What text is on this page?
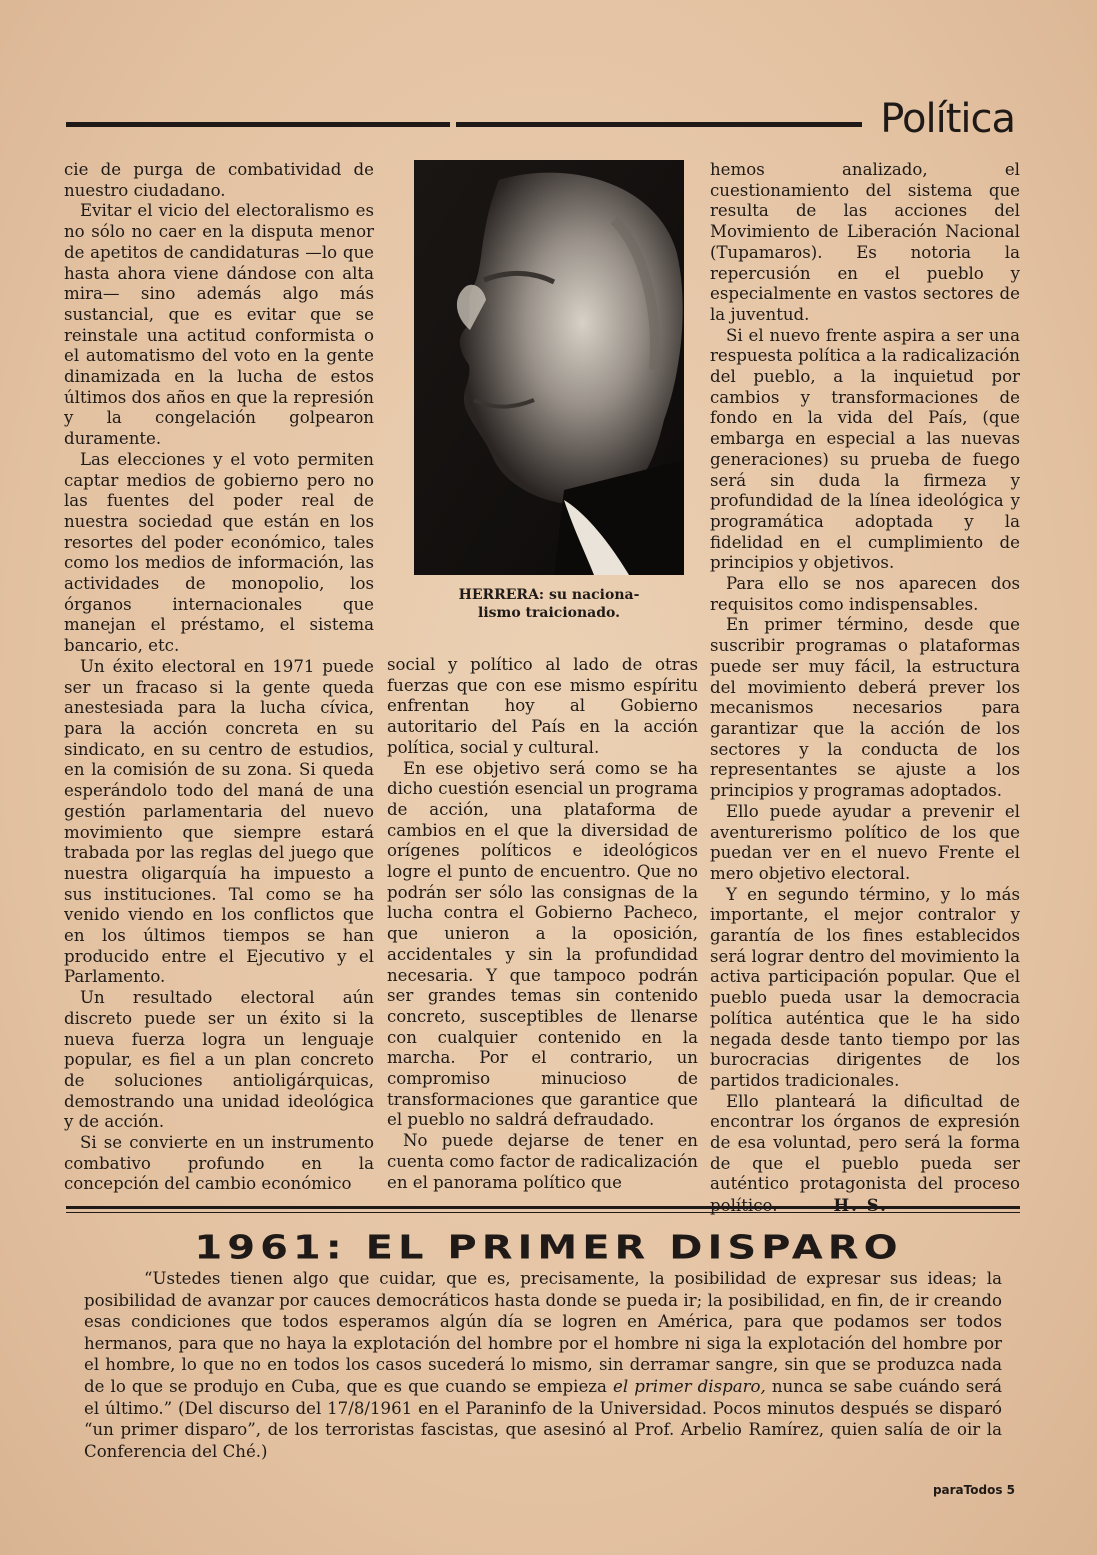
Política

cie de purga de combatividad de nuestro ciudadano.

Evitar el vicio del electoralismo es no sólo no caer en la disputa menor de apetitos de candidaturas —lo que hasta ahora viene dándose con alta mira— sino además algo más sustancial, que es evitar que se reinstale una actitud conformista o el automatismo del voto en la gente dinamizada en la lucha de estos últimos dos años en que la represión y la congelación golpearon duramente.

Las elecciones y el voto permiten captar medios de gobierno pero no las fuentes del poder real de nuestra sociedad que están en los resortes del poder económico, tales como los medios de información, las actividades de monopolio, los órganos internacionales que manejan el préstamo, el sistema bancario, etc.

Un éxito electoral en 1971 puede ser un fracaso si la gente queda anestesiada para la lucha cívica, para la acción concreta en su sindicato, en su centro de estudios, en la comisión de su zona. Si queda esperándolo todo del maná de una gestión parlamentaria del nuevo movimiento que siempre estará trabada por las reglas del juego que nuestra oligarquía ha impuesto a sus instituciones. Tal como se ha venido viendo en los conflictos que en los últimos tiempos se han producido entre el Ejecutivo y el Parlamento.

Un resultado electoral aún discreto puede ser un éxito si la nueva fuerza logra un lenguaje popular, es fiel a un plan concreto de soluciones antioligárquicas, demostrando una unidad ideológica y de acción.

Si se convierte en un instrumento combativo profundo en la concepción del cambio económico

HERRERA: su naciona-
lismo traicionado.

social y político al lado de otras fuerzas que con ese mismo espíritu enfrentan hoy al Gobierno autoritario del País en la acción política, social y cultural.

En ese objetivo será como se ha dicho cuestión esencial un programa de acción, una plataforma de cambios en el que la diversidad de orígenes políticos e ideológicos logre el punto de encuentro. Que no podrán ser sólo las consignas de la lucha contra el Gobierno Pacheco, que unieron a la oposición, accidentales y sin la profundidad necesaria. Y que tampoco podrán ser grandes temas sin contenido concreto, susceptibles de llenarse con cualquier contenido en la marcha. Por el contrario, un compromiso minucioso de transformaciones que garantice que el pueblo no saldrá defraudado.

No puede dejarse de tener en cuenta como factor de radicalización en el panorama político que

hemos analizado, el cuestionamiento del sistema que resulta de las acciones del Movimiento de Liberación Nacional (Tupamaros). Es notoria la repercusión en el pueblo y especialmente en vastos sectores de la juventud.

Si el nuevo frente aspira a ser una respuesta política a la radicalización del pueblo, a la inquietud por cambios y transformaciones de fondo en la vida del País, (que embarga en especial a las nuevas generaciones) su prueba de fuego será sin duda la firmeza y profundidad de la línea ideológica y programática adoptada y la fidelidad en el cumplimiento de principios y objetivos.

Para ello se nos aparecen dos requisitos como indispensables.

En primer término, desde que suscribir programas o plataformas puede ser muy fácil, la estructura del movimiento deberá prever los mecanismos necesarios para garantizar que la acción de los sectores y la conducta de los representantes se ajuste a los principios y programas adoptados.

Ello puede ayudar a prevenir el aventurerismo político de los que puedan ver en el nuevo Frente el mero objetivo electoral.

Y en segundo término, y lo más importante, el mejor contralor y garantía de los fines establecidos será lograr dentro del movimiento la activa participación popular. Que el pueblo pueda usar la democracia política auténtica que le ha sido negada desde tanto tiempo por las burocracias dirigentes de los partidos tradicionales.

Ello planteará la dificultad de encontrar los órganos de expresión de esa voluntad, pero será la forma de que el pueblo pueda ser auténtico protagonista del proceso

1961: EL PRIMER DISPARO

“Ustedes tienen algo que cuidar, que es, precisamente, la posibilidad de expresar sus ideas; la posibilidad de avanzar por cauces democráticos hasta donde se pueda ir; la posibilidad, en fin, de ir creando esas condiciones que todos esperamos algún día se logren en América, para que podamos ser todos hermanos, para que no haya la explotación del hombre por el hombre ni siga la explotación del hombre por el hombre, lo que no en todos los casos sucederá lo mismo, sin derramar sangre, sin que se produzca nada de lo que se produjo en Cuba, que es que cuando se empieza el primer disparo, nunca se sabe cuándo será el último.” (Del discurso del 17/8/1961 en el Paraninfo de la Universidad. Pocos minutos después se disparó “un primer disparo”, de los terroristas fascistas, que asesinó al Prof. Arbelio Ramírez, quien salía de oir la Conferencia del Ché.)

paraTodos 5
